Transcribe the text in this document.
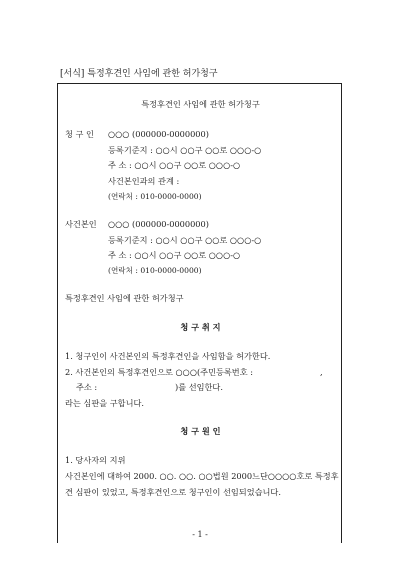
[서식] 특정후견인 사임에 관한 허가청구
특정후견인 사임에 관한 허가청구
청 구 인 ○○○ (000000-0000000)
등록기준지 : ○○시 ○○구 ○○로 ○○○-○
주 소 : ○○시 ○○구 ○○로 ○○○-○
사건본인과의 관계 :
(연락처 : 010-0000-0000)
사건본인 ○○○ (000000-0000000)
등록기준지 : ○○시 ○○구 ○○로 ○○○-○
주 소 : ○○시 ○○구 ○○로 ○○○-○
(연락처 : 010-0000-0000)
특정후견인 사임에 관한 허가청구
청 구 취 지
1. 청구인이 사건본인의 특정후견인을 사임함을 허가한다.
2. 사건본인의 특정후견인으로 ○○○(주민등록번호 :	,
주소 :	)를 선임한다.
라는 심판을 구합니다.
청 구 원 인
1. 당사자의 지위
사건본인에 대하여 2000. ○○. ○○. ○○법원 2000느단○○○○호로 특정후
견 심판이 있었고, 특정후견인으로 청구인이 선임되었습니다.
- 1 -
